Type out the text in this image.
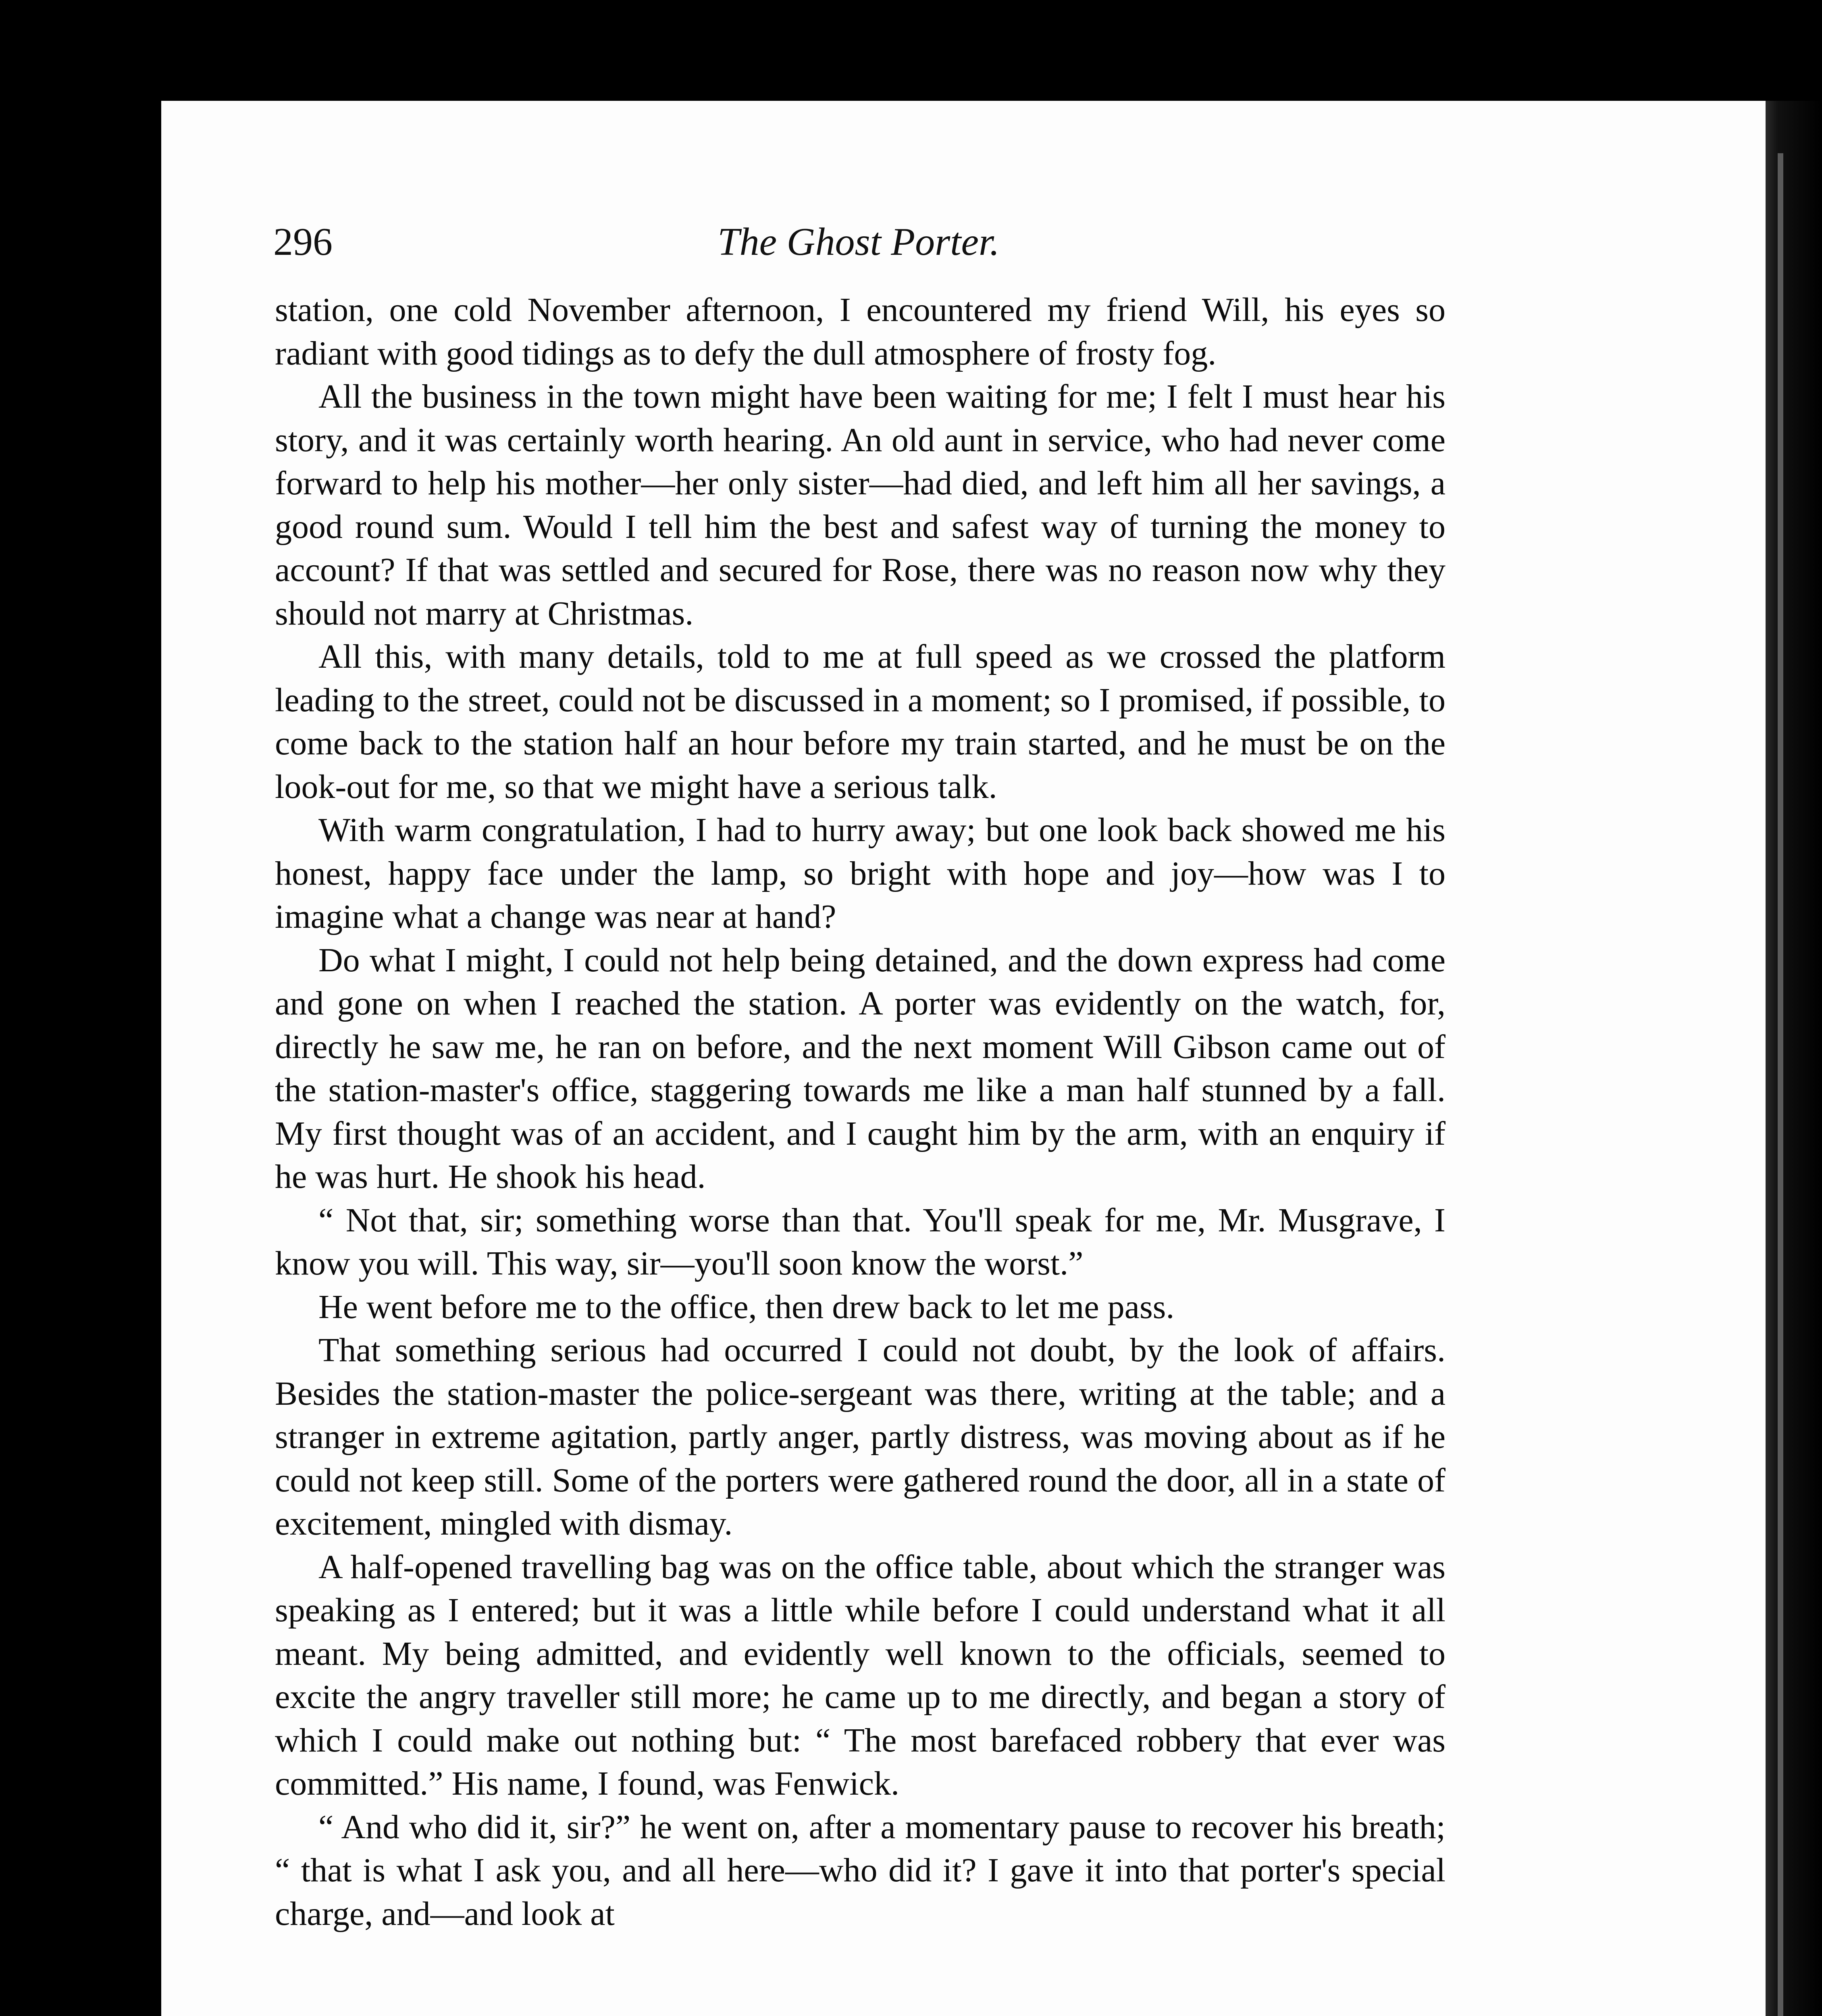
296	The Ghost Porter.

station, one cold November afternoon, I encountered my friend Will, his eyes so radiant with good tidings as to defy the dull atmosphere of frosty fog.

All the business in the town might have been waiting for me; I felt I must hear his story, and it was certainly worth hearing. An old aunt in service, who had never come forward to help his mother—her only sister—had died, and left him all her savings, a good round sum. Would I tell him the best and safest way of turning the money to account? If that was settled and secured for Rose, there was no reason now why they should not marry at Christmas.

All this, with many details, told to me at full speed as we crossed the platform leading to the street, could not be discussed in a moment; so I promised, if possible, to come back to the station half an hour before my train started, and he must be on the look-out for me, so that we might have a serious talk.

With warm congratulation, I had to hurry away; but one look back showed me his honest, happy face under the lamp, so bright with hope and joy—how was I to imagine what a change was near at hand?

Do what I might, I could not help being detained, and the down express had come and gone on when I reached the station. A porter was evidently on the watch, for, directly he saw me, he ran on before, and the next moment Will Gibson came out of the station-master's office, staggering towards me like a man half stunned by a fall. My first thought was of an accident, and I caught him by the arm, with an enquiry if he was hurt. He shook his head.

“ Not that, sir; something worse than that. You'll speak for me, Mr. Musgrave, I know you will. This way, sir—you'll soon know the worst.”

He went before me to the office, then drew back to let me pass.

That something serious had occurred I could not doubt, by the look of affairs. Besides the station-master the police-sergeant was there, writing at the table; and a stranger in extreme agitation, partly anger, partly distress, was moving about as if he could not keep still. Some of the porters were gathered round the door, all in a state of excitement, mingled with dismay.

A half-opened travelling bag was on the office table, about which the stranger was speaking as I entered; but it was a little while before I could understand what it all meant. My being admitted, and evidently well known to the officials, seemed to excite the angry traveller still more; he came up to me directly, and began a story of which I could make out nothing but: “ The most barefaced robbery that ever was committed.” His name, I found, was Fenwick.

“ And who did it, sir?” he went on, after a momentary pause to recover his breath; “ that is what I ask you, and all here—who did it? I gave it into that porter's special charge, and—and look at
